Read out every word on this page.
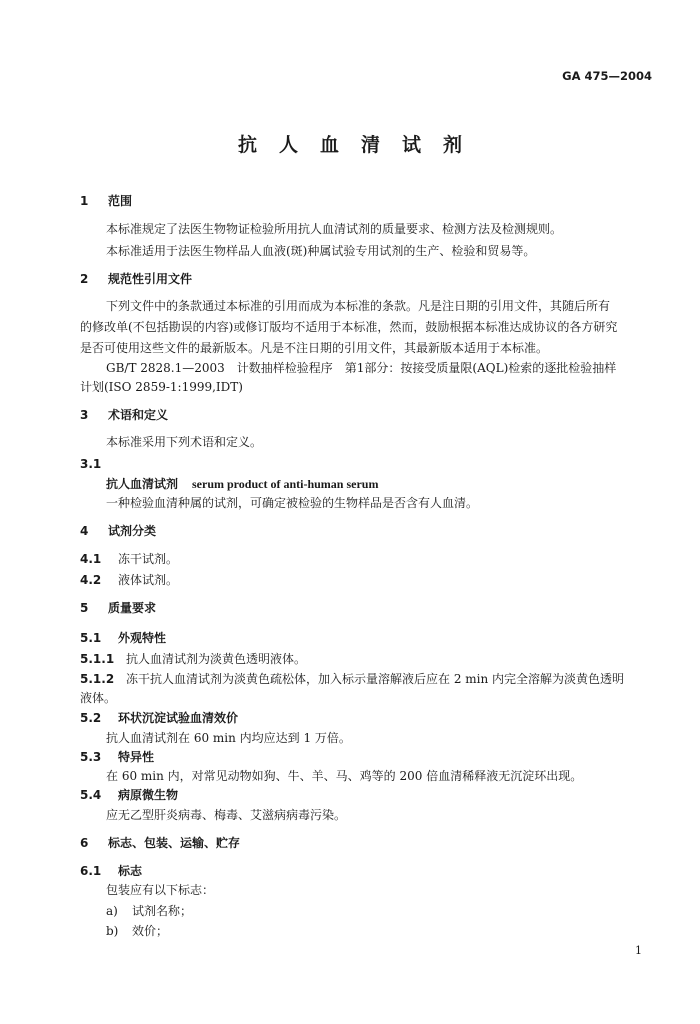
GA 475—2004
抗人血清试剂
1 范围
本标准规定了法医生物物证检验所用抗人血清试剂的质量要求、检测方法及检测规则。
本标准适用于法医生物样品人血液(斑)种属试验专用试剂的生产、检验和贸易等。
2 规范性引用文件
下列文件中的条款通过本标准的引用而成为本标准的条款。凡是注日期的引用文件，其随后所有
的修改单(不包括勘误的内容)或修订版均不适用于本标准，然而，鼓励根据本标准达成协议的各方研究
是否可使用这些文件的最新版本。凡是不注日期的引用文件，其最新版本适用于本标准。
GB/T 2828.1—2003　计数抽样检验程序　第1部分：按接受质量限(AQL)检索的逐批检验抽样
计划(ISO 2859-1:1999,IDT)
3 术语和定义
本标准采用下列术语和定义。
3.1
抗人血清试剂 serum product of anti-human serum
一种检验血清种属的试剂，可确定被检验的生物样品是否含有人血清。
4 试剂分类
4.1 冻干试剂。
4.2 液体试剂。
5 质量要求
5.1 外观特性
5.1.1 抗人血清试剂为淡黄色透明液体。
5.1.2 冻干抗人血清试剂为淡黄色疏松体，加入标示量溶解液后应在 2 min 内完全溶解为淡黄色透明
液体。
5.2 环状沉淀试验血清效价
抗人血清试剂在 60 min 内均应达到 1 万倍。
5.3 特异性
在 60 min 内，对常见动物如狗、牛、羊、马、鸡等的 200 倍血清稀释液无沉淀环出现。
5.4 病原微生物
应无乙型肝炎病毒、梅毒、艾滋病病毒污染。
6 标志、包装、运输、贮存
6.1 标志
包装应有以下标志：
a) 试剂名称；
b) 效价；
1
